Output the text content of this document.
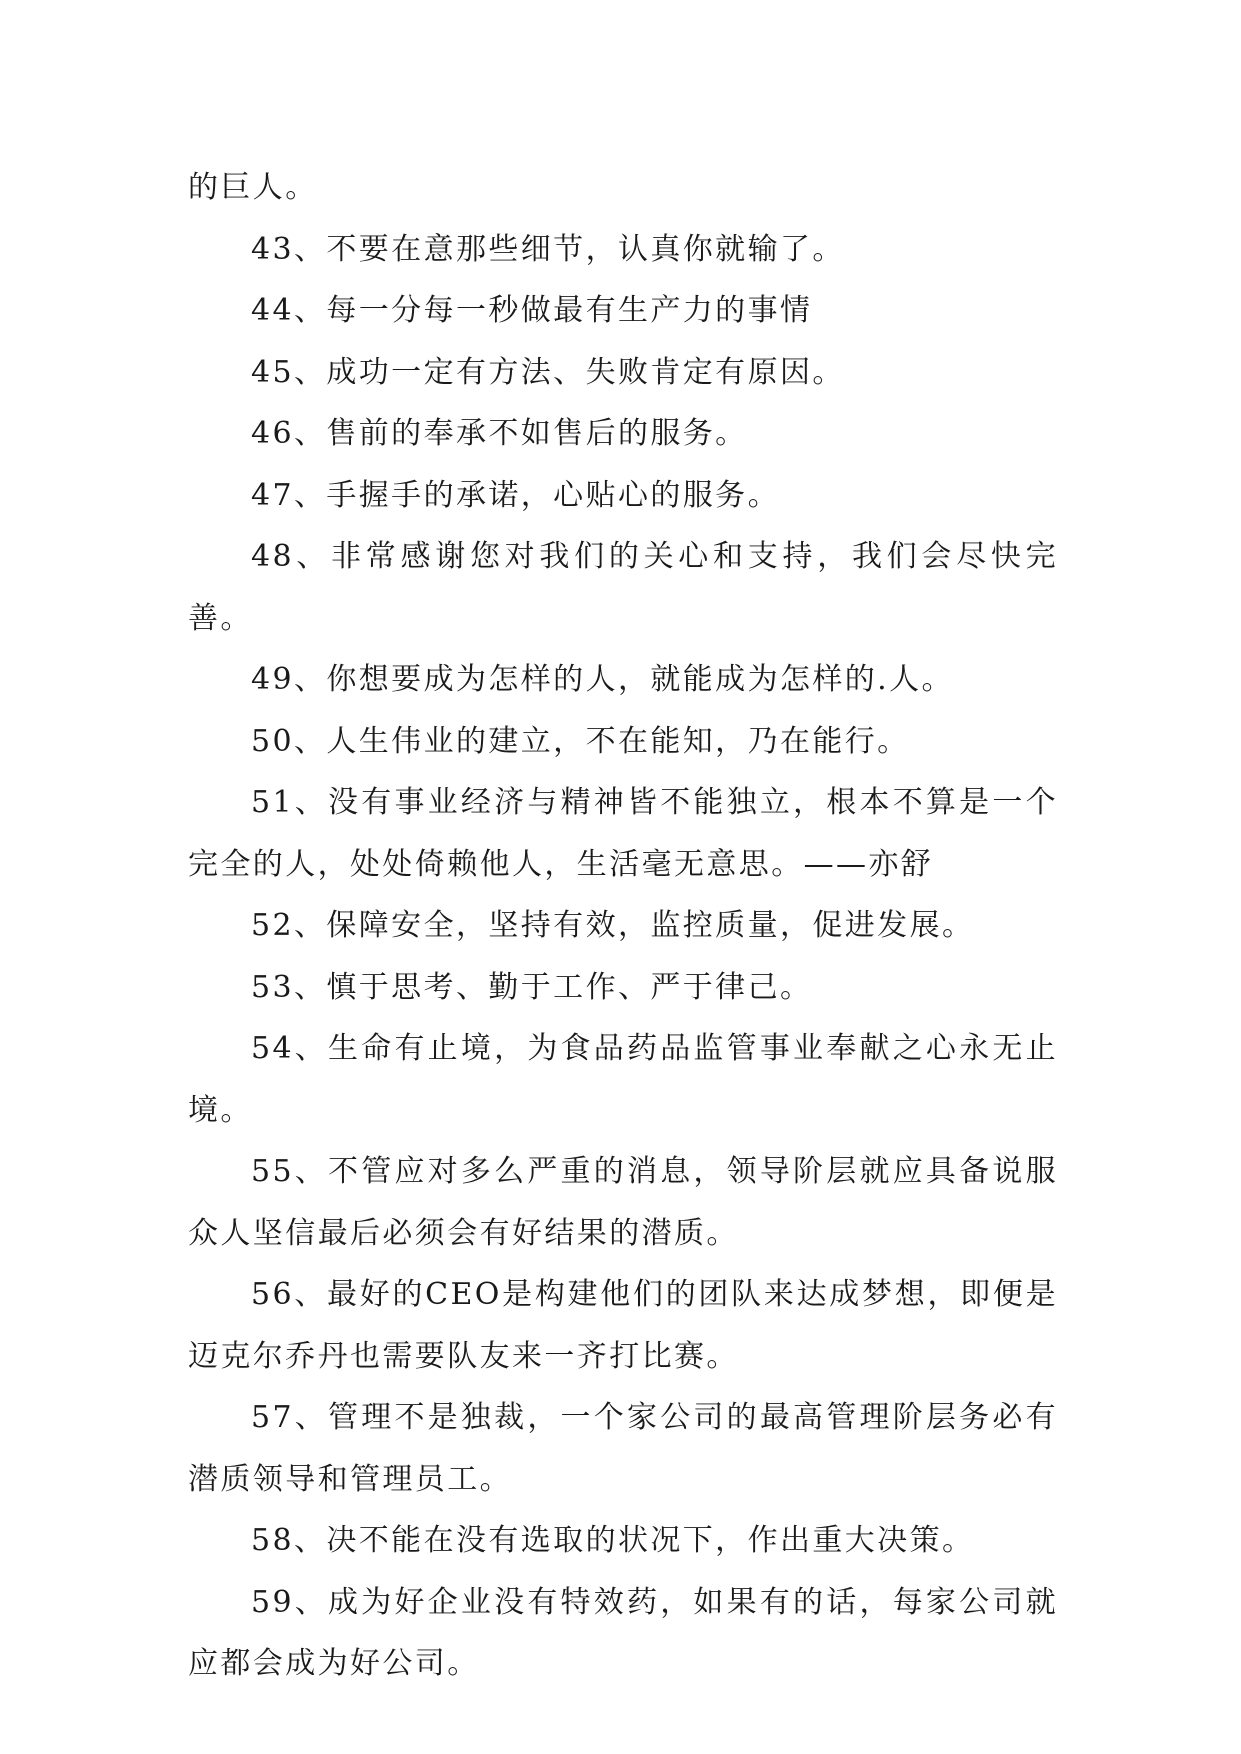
的巨人。

43、不要在意那些细节，认真你就输了。

44、每一分每一秒做最有生产力的事情

45、成功一定有方法、失败肯定有原因。

46、售前的奉承不如售后的服务。

47、手握手的承诺，心贴心的服务。

48、非常感谢您对我们的关心和支持，我们会尽快完善。

49、你想要成为怎样的人，就能成为怎样的.人。

50、人生伟业的建立，不在能知，乃在能行。

51、没有事业经济与精神皆不能独立，根本不算是一个完全的人，处处倚赖他人，生活毫无意思。——亦舒

52、保障安全，坚持有效，监控质量，促进发展。

53、慎于思考、勤于工作、严于律己。

54、生命有止境，为食品药品监管事业奉献之心永无止境。

55、不管应对多么严重的消息，领导阶层就应具备说服众人坚信最后必须会有好结果的潜质。

56、最好的CEO是构建他们的团队来达成梦想，即便是迈克尔乔丹也需要队友来一齐打比赛。

57、管理不是独裁，一个家公司的最高管理阶层务必有潜质领导和管理员工。

58、决不能在没有选取的状况下，作出重大决策。

59、成为好企业没有特效药，如果有的话，每家公司就应都会成为好公司。
